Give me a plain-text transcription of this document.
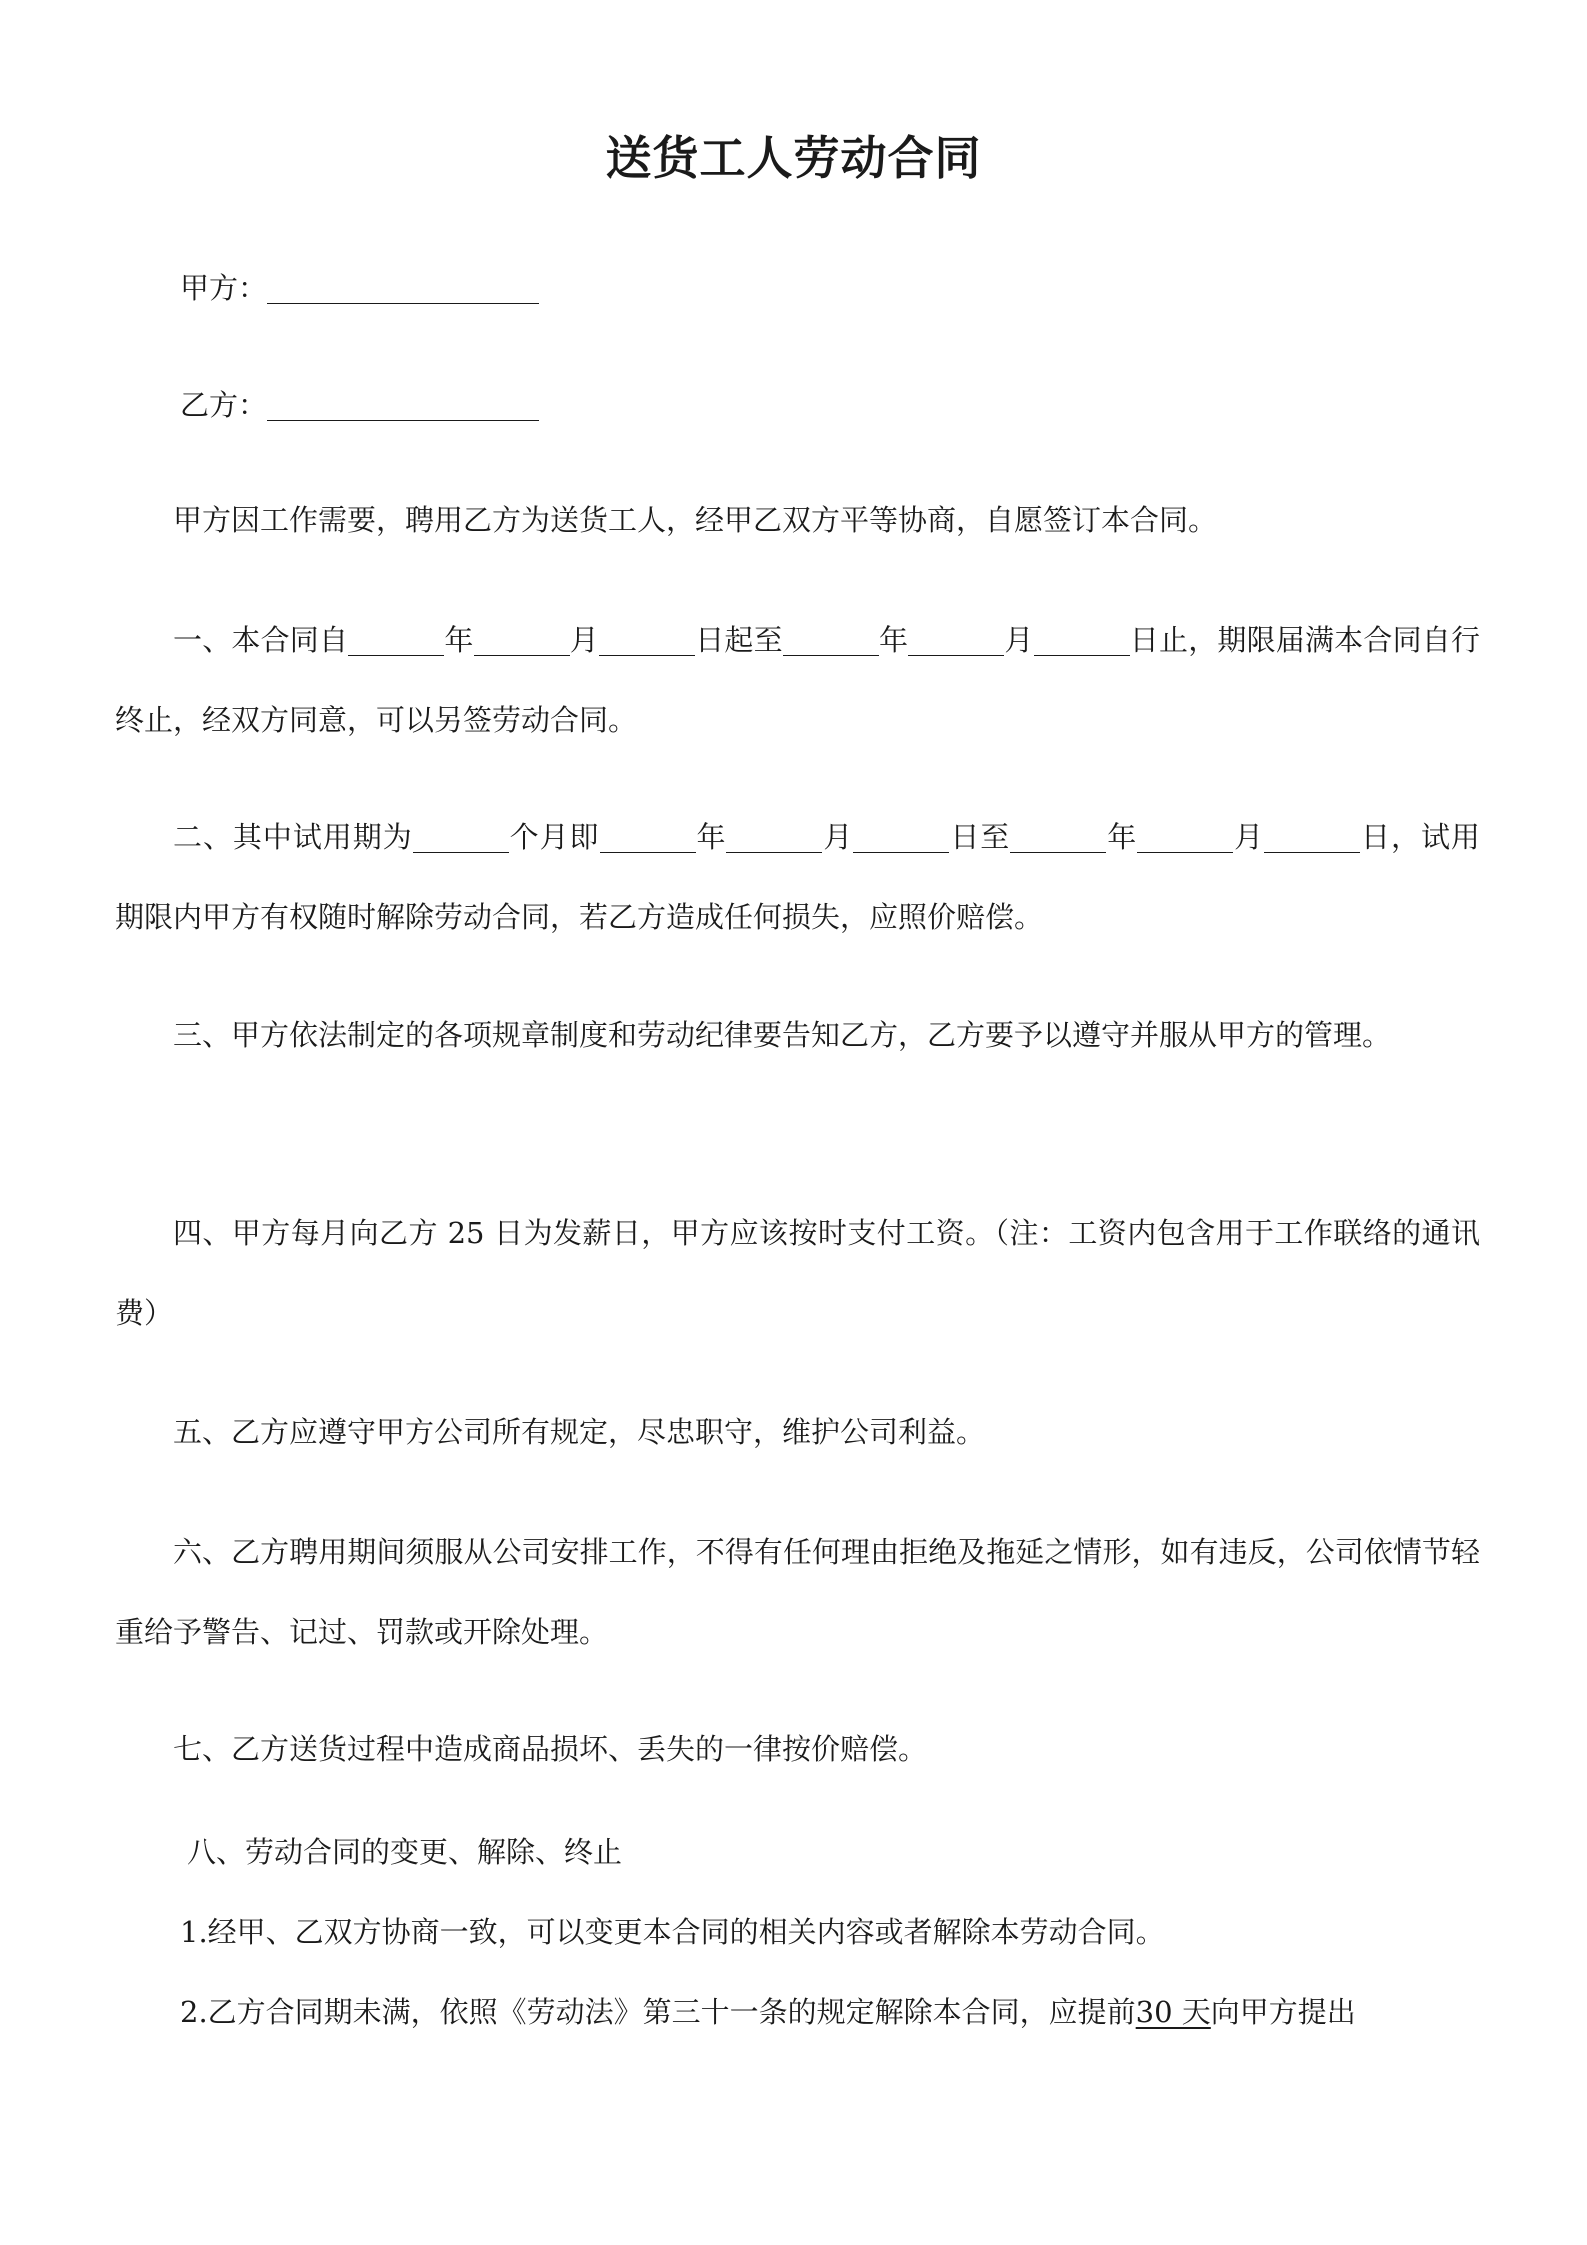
送货工人劳动合同
甲方：
乙方：
甲方因工作需要，聘用乙方为送货工人，经甲乙双方平等协商，自愿签订本合同。
一、本合同自	年	月	日起至	年	月	日止，期限届满本合同自行终止，经双方同意，可以另签劳动合同。
二、其中试用期为	个月即	年	月	日至	年	月	日，试用期限内甲方有权随时解除劳动合同，若乙方造成任何损失，应照价赔偿。
三、甲方依法制定的各项规章制度和劳动纪律要告知乙方，乙方要予以遵守并服从甲方的管理。
四、甲方每月向乙方 25 日为发薪日，甲方应该按时支付工资。（注：工资内包含用于工作联络的通讯费）
五、乙方应遵守甲方公司所有规定，尽忠职守，维护公司利益。
六、乙方聘用期间须服从公司安排工作，不得有任何理由拒绝及拖延之情形，如有违反，公司依情节轻重给予警告、记过、罚款或开除处理。
七、乙方送货过程中造成商品损坏、丢失的一律按价赔偿。
八、劳动合同的变更、解除、终止
1.经甲、乙双方协商一致，可以变更本合同的相关内容或者解除本劳动合同。
2.乙方合同期未满，依照《劳动法》第三十一条的规定解除本合同，应提前30 天向甲方提出
